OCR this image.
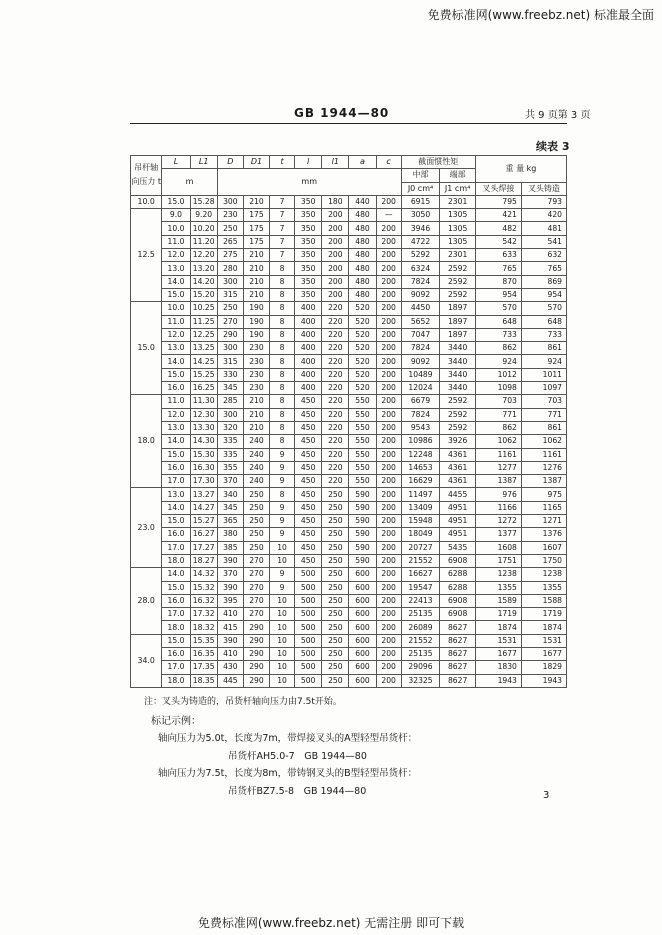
免费标准网(www.freebz.net) 标准最全面
GB 1944—80	共 9 页第 3 页
续表 3
吊杆轴向压力 t	L	L1	D	D1	t	l	l1	a	c	截面惯性矩		重 量 kg	
	m		mm							中部	端部		
										J0 cm⁴	J1 cm⁴	叉头焊接	叉头铸造
10.0	15.0	15.28	300	210	7	350	180	440	200	6915	2301	795	793
12.5	9.0	9.20	230	175	7	350	200	480	—	3050	1305	421	420
	10.0	10.20	250	175	7	350	200	480	200	3946	1305	482	481
	11.0	11.20	265	175	7	350	200	480	200	4722	1305	542	541
	12.0	12.20	275	210	7	350	200	480	200	5292	2301	633	632
	13.0	13.20	280	210	8	350	200	480	200	6324	2592	765	765
	14.0	14.20	300	210	8	350	200	480	200	7824	2592	870	869
	15.0	15.20	315	210	8	350	200	480	200	9092	2592	954	954
15.0	10.0	10.25	250	190	8	400	220	520	200	4450	1897	570	570
	11.0	11.25	270	190	8	400	220	520	200	5652	1897	648	648
	12.0	12.25	290	190	8	400	220	520	200	7047	1897	733	733
	13.0	13.25	300	230	8	400	220	520	200	7824	3440	862	861
	14.0	14.25	315	230	8	400	220	520	200	9092	3440	924	924
	15.0	15.25	330	230	8	400	220	520	200	10489	3440	1012	1011
	16.0	16.25	345	230	8	400	220	520	200	12024	3440	1098	1097
18.0	11.0	11.30	285	210	8	450	220	550	200	6679	2592	703	703
	12.0	12.30	300	210	8	450	220	550	200	7824	2592	771	771
	13.0	13.30	320	210	8	450	220	550	200	9543	2592	862	861
	14.0	14.30	335	240	8	450	220	550	200	10986	3926	1062	1062
	15.0	15.30	335	240	9	450	220	550	200	12248	4361	1161	1161
	16.0	16.30	355	240	9	450	220	550	200	14653	4361	1277	1276
	17.0	17.30	370	240	9	450	220	550	200	16629	4361	1387	1387
23.0	13.0	13.27	340	250	8	450	250	590	200	11497	4455	976	975
	14.0	14.27	345	250	9	450	250	590	200	13409	4951	1166	1165
	15.0	15.27	365	250	9	450	250	590	200	15948	4951	1272	1271
	16.0	16.27	380	250	9	450	250	590	200	18049	4951	1377	1376
	17.0	17.27	385	250	10	450	250	590	200	20727	5435	1608	1607
	18.0	18.27	390	270	10	450	250	590	200	21552	6908	1751	1750
28.0	14.0	14.32	370	270	9	500	250	600	200	16627	6288	1238	1238
	15.0	15.32	390	270	9	500	250	600	200	19547	6288	1355	1355
	16.0	16.32	395	270	10	500	250	600	200	22413	6908	1589	1588
	17.0	17.32	410	270	10	500	250	600	200	25135	6908	1719	1719
	18.0	18.32	415	290	10	500	250	600	200	26089	8627	1874	1874
34.0	15.0	15.35	390	290	10	500	250	600	200	21552	8627	1531	1531
	16.0	16.35	410	290	10	500	250	600	200	25135	8627	1677	1677
	17.0	17.35	430	290	10	500	250	600	200	29096	8627	1830	1829
	18.0	18.35	445	290	10	500	250	600	200	32325	8627	1943	1943
注：叉头为铸造的，吊货杆轴向压力由7.5t开始。
标记示例：
轴向压力为5.0t，长度为7m，带焊接叉头的A型轻型吊货杆：
吊货杆AH5.0-7　GB 1944—80
轴向压力为7.5t，长度为8m，带铸钢叉头的B型轻型吊货杆：
吊货杆BZ7.5-8　GB 1944—80	3
免费标准网(www.freebz.net) 无需注册 即可下载
